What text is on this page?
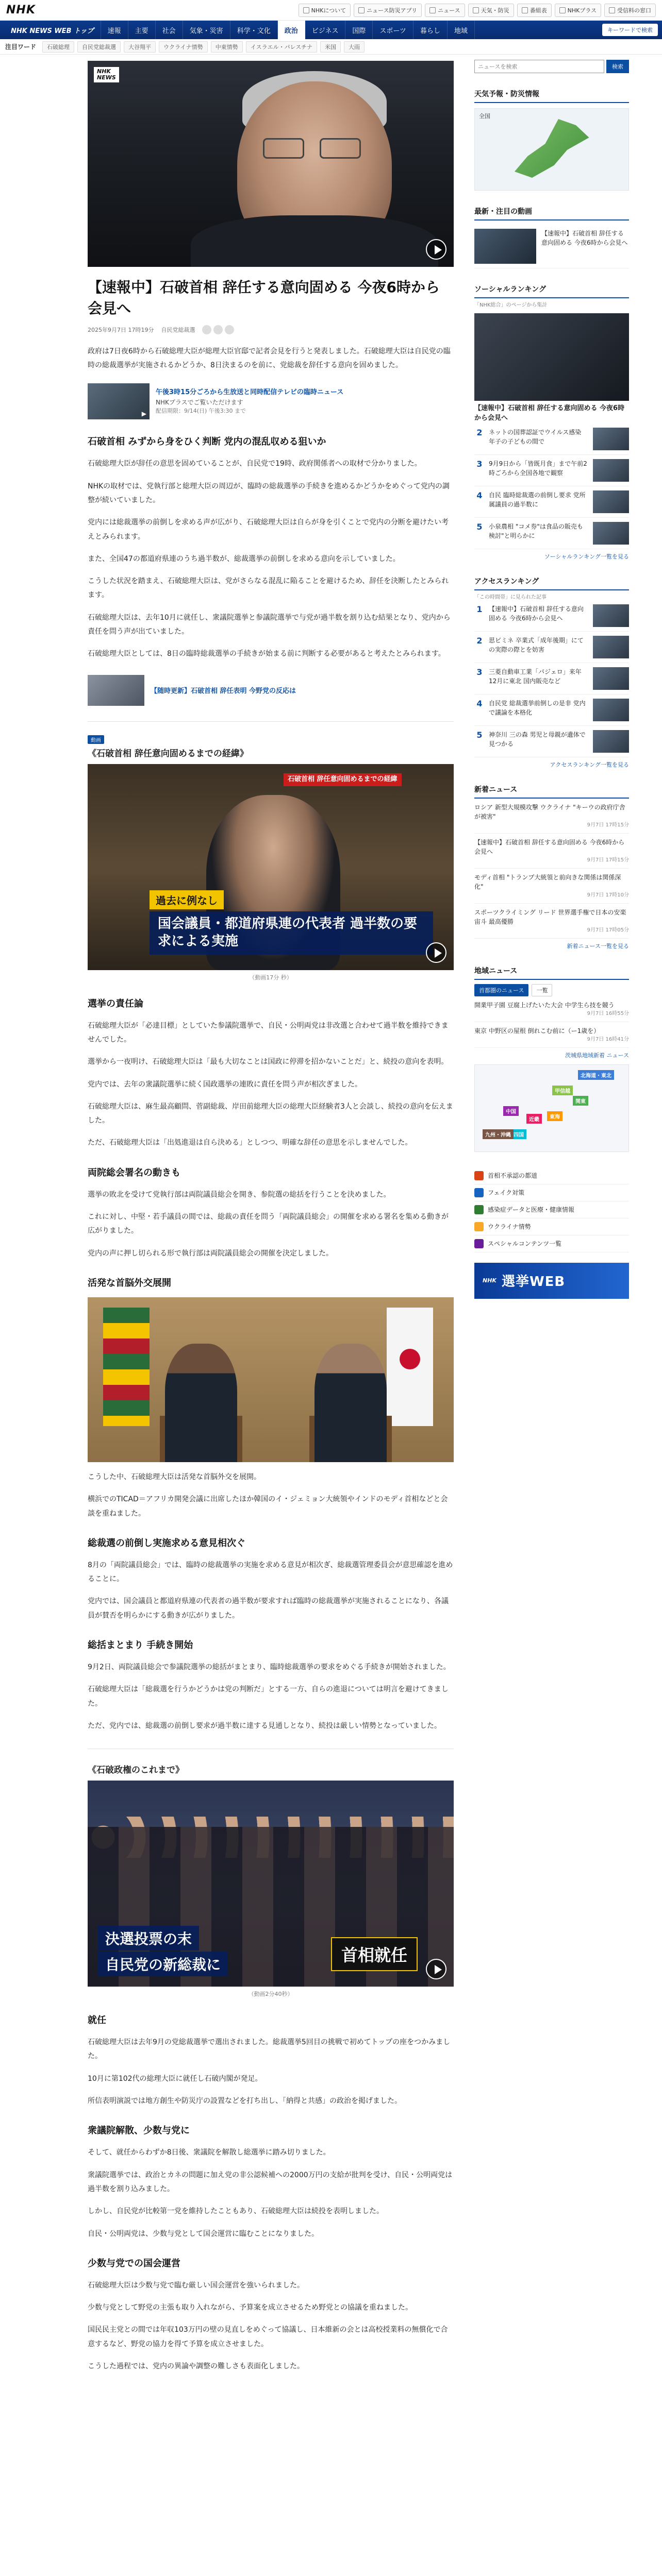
NHK	NHKについて	ニュース防災アプリ	ニュース	天気・防災	番組表	NHKプラス	受信料の窓口
NHK NEWS WEB トップ	速報	主要	社会	気象・災害	科学・文化	政治	ビジネス	国際	スポーツ	暮らし	地域	キーワードで検索
注目ワード	石破総理	自民党総裁選	大谷翔平	ウクライナ情勢	中東情勢	イスラエル・パレスチナ	米国	大雨
NHK
NEWS
【速報中】石破首相 辞任する意向固める 今夜6時から会見へ
2025年9月7日 17時19分 自民党総裁選

政府は7日夜6時から石破総理大臣が総理大臣官邸で記者会見を行うと発表しました。石破総理大臣は自民党の臨時の総裁選挙が実施されるかどうか、8日決まるのを前に、党総裁を辞任する意向を固めました。

▶
午後3時15分ごろから生放送と同時配信テレビの臨時ニュース
NHKプラスでご覧いただけます
配信期限：9/14(日) 午後3:30 まで
石破首相 みずから身をひく判断 党内の混乱収める狙いか

石破総理大臣が辞任の意思を固めていることが、自民党で19時、政府関係者への取材で分かりました。

NHKの取材では、党執行部と総理大臣の周辺が、臨時の総裁選挙の手続きを進めるかどうかをめぐって党内の調整が続いていました。

党内には総裁選挙の前倒しを求める声が広がり、石破総理大臣は自らが身を引くことで党内の分断を避けたい考えとみられます。

また、全国47の都道府県連のうち過半数が、総裁選挙の前倒しを求める意向を示していました。

こうした状況を踏まえ、石破総理大臣は、党がさらなる混乱に陥ることを避けるため、辞任を決断したとみられます。

石破総理大臣は、去年10月に就任し、衆議院選挙と参議院選挙で与党が過半数を割り込む結果となり、党内から責任を問う声が出ていました。

石破総理大臣としては、8日の臨時総裁選挙の手続きが始まる前に判断する必要があると考えたとみられます。

【随時更新】石破首相 辞任表明 今野党の反応は
動画
《石破首相 辞任意向固めるまでの経緯》
石破首相 辞任意向固めるまでの経緯
過去に例なし
国会議員・都道府県連の代表者 過半数の要求による実施
（動画17分 秒）
選挙の責任論

石破総理大臣が「必達目標」としていた参議院選挙で、自民・公明両党は非改選と合わせて過半数を維持できませんでした。

選挙から一夜明け、石破総理大臣は「最も大切なことは国政に停滞を招かないことだ」と、続投の意向を表明。

党内では、去年の衆議院選挙に続く国政選挙の連敗に責任を問う声が相次ぎました。

石破総理大臣は、麻生最高顧問、菅副総裁、岸田前総理大臣の総理大臣経験者3人と会談し、続投の意向を伝えました。

ただ、石破総理大臣は「出処進退は自ら決める」としつつ、明確な辞任の意思を示しませんでした。

両院総会署名の動きも

選挙の敗北を受けて党執行部は両院議員総会を開き、参院選の総括を行うことを決めました。

これに対し、中堅・若手議員の間では、総裁の責任を問う「両院議員総会」の開催を求める署名を集める動きが広がりました。

党内の声に押し切られる形で執行部は両院議員総会の開催を決定しました。

活発な首脳外交展開

こうした中、石破総理大臣は活発な首脳外交を展開。

横浜でのTICAD＝アフリカ開発会議に出席したほか韓国のイ・ジェミョン大統領やインドのモディ首相などと会談を重ねました。

総裁選の前倒し実施求める意見相次ぐ

8月の「両院議員総会」では、臨時の総裁選挙の実施を求める意見が相次ぎ、総裁選管理委員会が意思確認を進めることに。

党内では、国会議員と都道府県連の代表者の過半数が要求すれば臨時の総裁選挙が実施されることになり、各議員が賛否を明らかにする動きが広がりました。

総括まとまり 手続き開始

9月2日、両院議員総会で参議院選挙の総括がまとまり、臨時総裁選挙の要求をめぐる手続きが開始されました。

石破総理大臣は「総裁選を行うかどうかは党の判断だ」とする一方、自らの進退については明言を避けてきました。

ただ、党内では、総裁選の前倒し要求が過半数に達する見通しとなり、続投は厳しい情勢となっていました。

《石破政権のこれまで》
決選投票の末
自民党の新総裁に	首相就任
（動画2分40秒）
就任

石破総理大臣は去年9月の党総裁選挙で選出されました。総裁選挙5回目の挑戦で初めてトップの座をつかみました。

10月に第102代の総理大臣に就任し石破内閣が発足。

所信表明演説では地方創生や防災庁の設置などを打ち出し、「納得と共感」の政治を掲げました。

衆議院解散、少数与党に

そして、就任からわずか8日後、衆議院を解散し総選挙に踏み切りました。

衆議院選挙では、政治とカネの問題に加え党の非公認候補への2000万円の支給が批判を受け、自民・公明両党は過半数を割り込みました。

しかし、自民党が比較第一党を維持したこともあり、石破総理大臣は続投を表明しました。

自民・公明両党は、少数与党として国会運営に臨むことになりました。

少数与党での国会運営

石破総理大臣は少数与党で臨む厳しい国会運営を強いられました。

少数与党として野党の主張も取り入れながら、予算案を成立させるため野党との協議を重ねました。

国民民主党との間では年収103万円の壁の見直しをめぐって協議し、日本維新の会とは高校授業料の無償化で合意するなど、野党の協力を得て予算を成立させました。

こうした過程では、党内の異論や調整の難しさも表面化しました。

ニュースを検索
検索
天気予報・防災情報
全国
最新・注目の動画
【速報中】石破首相 辞任する意向固める 今夜6時から会見へ
ソーシャルランキング
「NHK総合」のページから集計
【速報中】石破首相 辞任する意向固める 今夜6時から会見へ
2	ネットの国葬認証でウイルス感染 年子の子どもの間で
3	9月9日から「皆既月食」まで午前2時ごろから全国各地で観察
4	自民 臨時総裁選の前倒し要求 党所属議員の過半数に
5	小泉農相 "コメ券"は食品の販売も検討"と明らかに
ソーシャルランキング一覧を見る
アクセスランキング
「この時間帯」に見られた記事
1	【速報中】石破首相 辞任する意向固める 今夜6時から会見へ
2	思ビミネ 卒業式「成年後期」にての実際の際とを妨害
3	三菱自動車工業「パジェロ」来年12月に東北 国内販売など
4	自民党 総裁選挙前倒しの是非 党内で議論を本格化
5	神奈川 三の森 男児と母親が遺体で見つかる
アクセスランキング一覧を見る
新着ニュース
ロシア 新型大規模攻撃 ウクライナ "キーウの政府庁舎が被害"
9月7日 17時15分
【速報中】石破首相 辞任する意向固める 今夜6時から会見へ
9月7日 17時15分
モディ首相 "トランプ大統領と前向きな関係は関係深化"
9月7日 17時10分
スポーツクライミング リード 世界選手権で日本の安楽宙斗 最高優勝
9月7日 17時05分
新着ニュース一覧を見る
地域ニュース
首都圏のニュース	一覧
開業甲子園 豆腐上げたいた大会 中学生ら技を競う
9月7日 16時55分
東京 中野区の屋根 倒れこむ前に（ー1歳を）
9月7日 16時41分
茨城県地域新着 ニュース
北海道・東北
関東
甲信越
東海
近畿
中国
四国
九州・沖縄
首相不承認の都道
フェイク対策
感染症データと医療・健康情報
ウクライナ情勢
スペシャルコンテンツ一覧
NHK 選挙WEB
